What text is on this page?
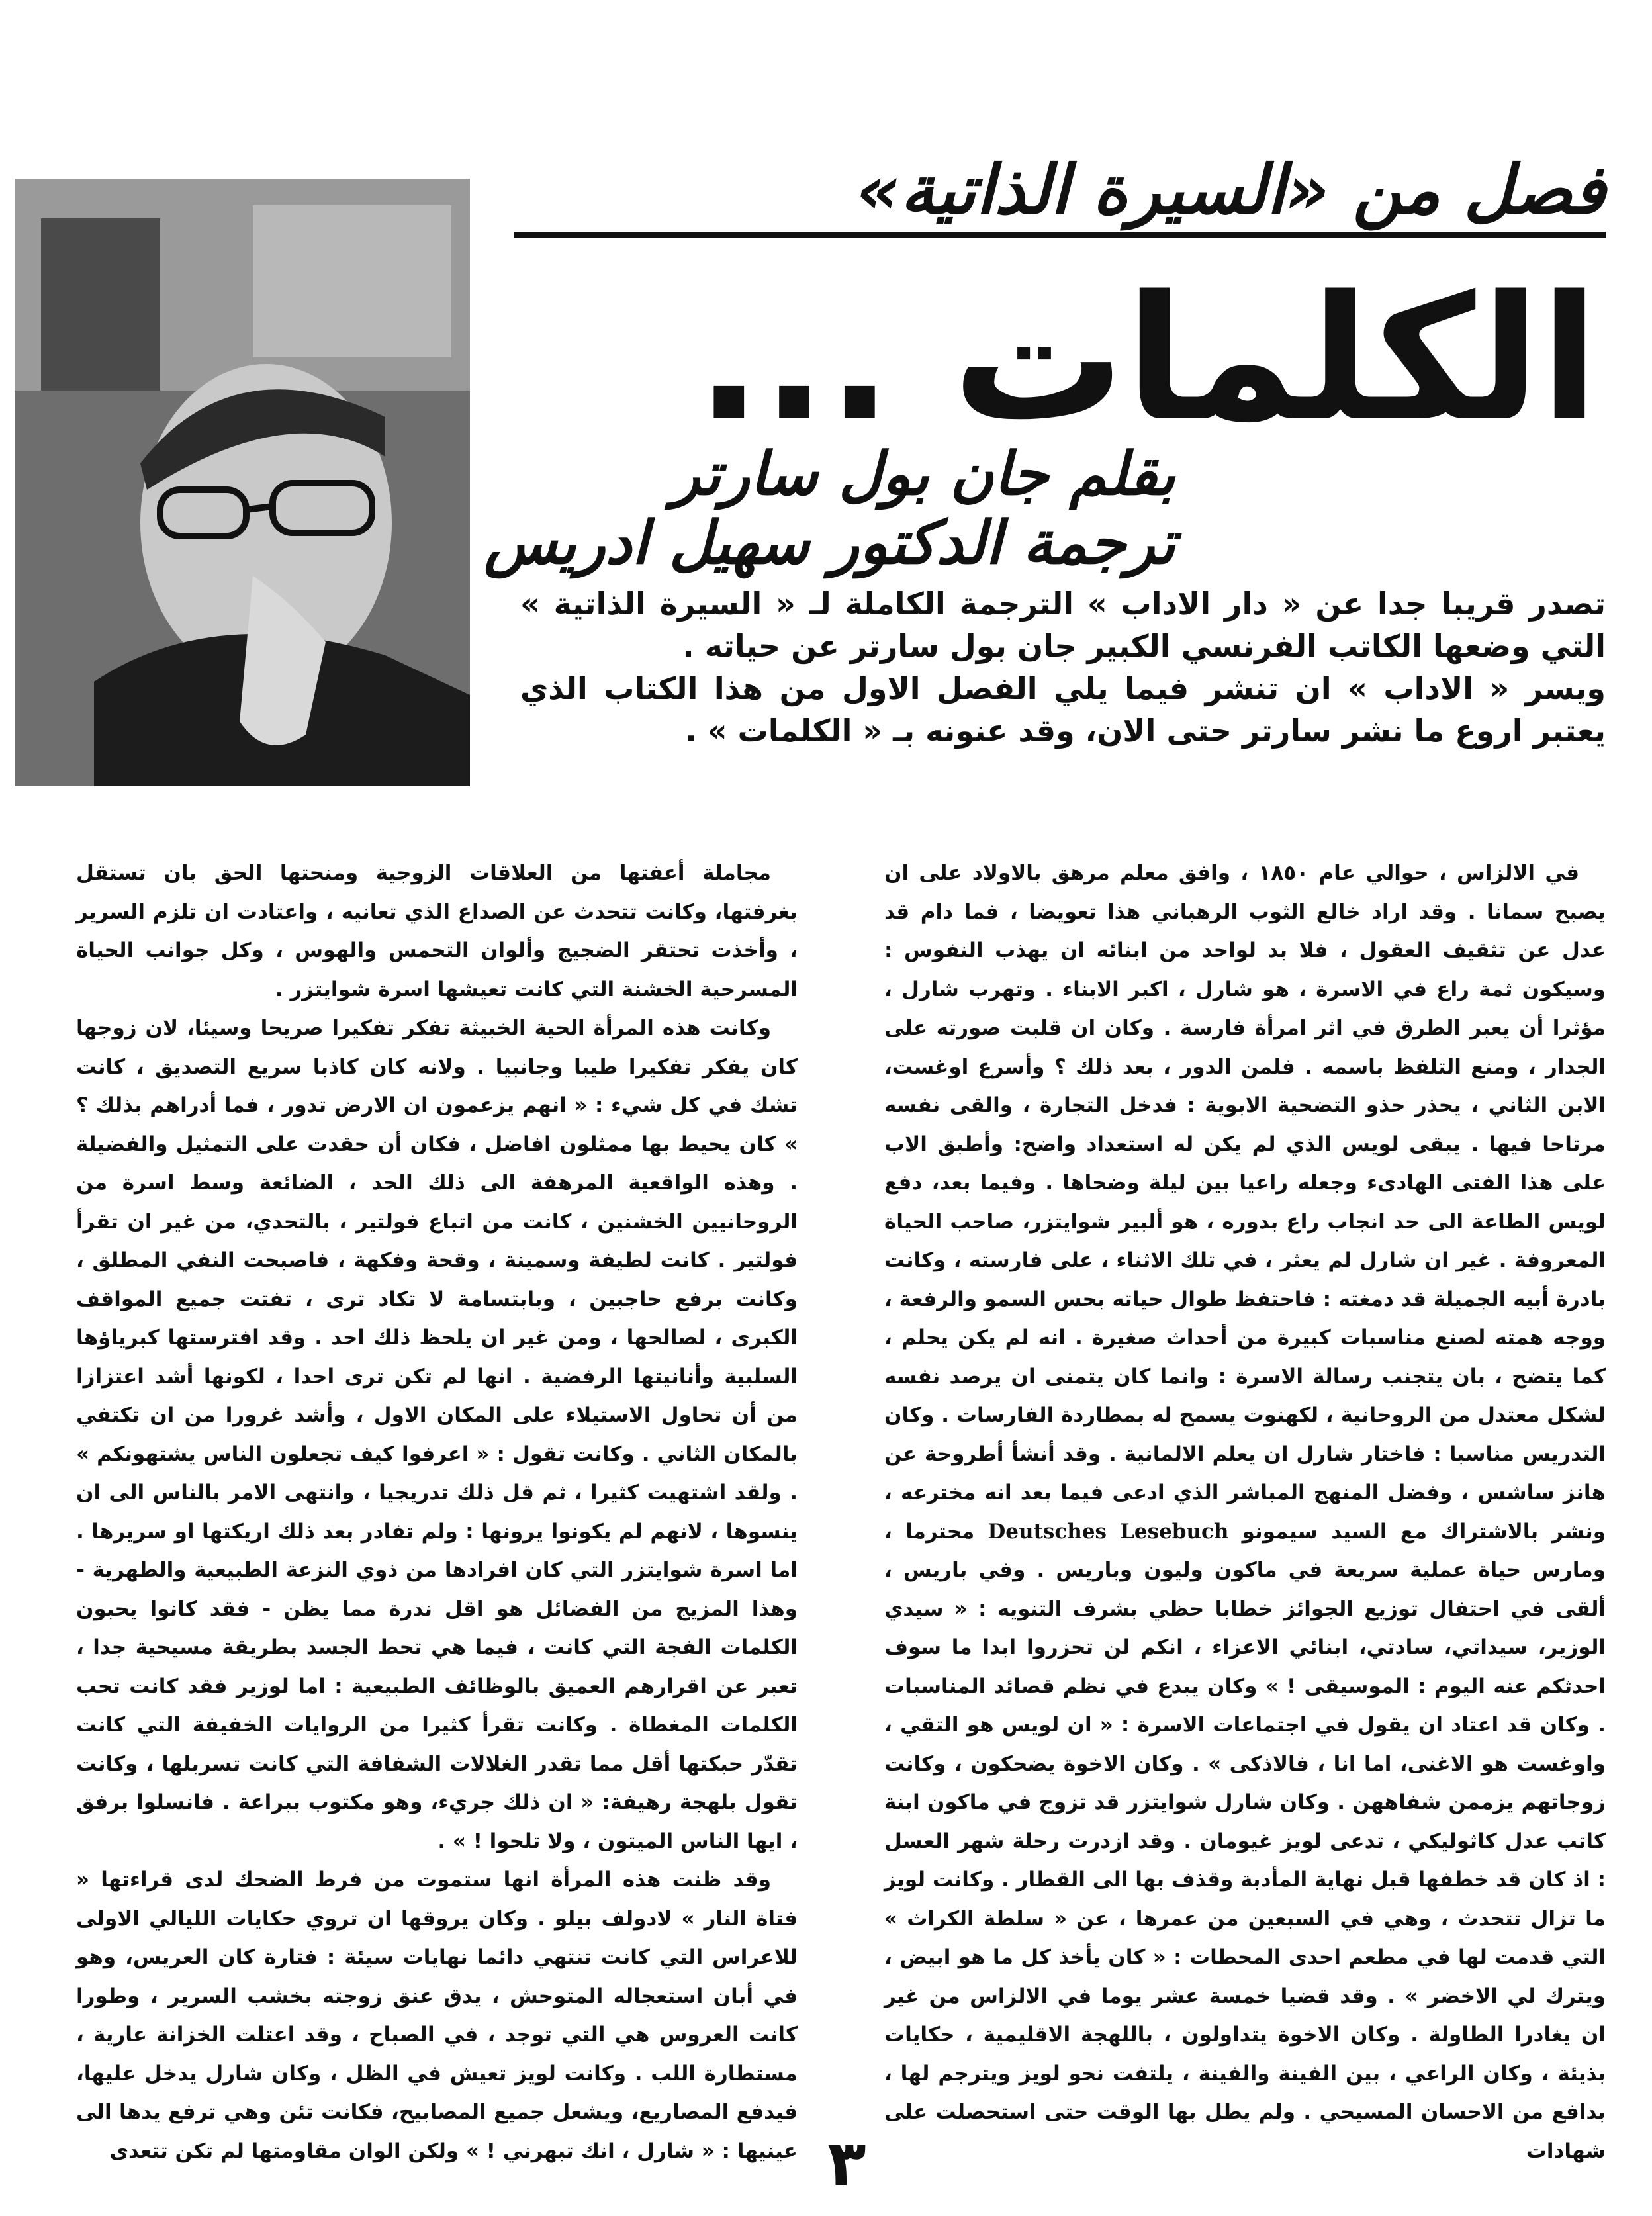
فصل من «السيرة الذاتية»
الكلمات ...
بقلم جان بول سارتر
ترجمة الدكتور سهيل ادريس

تصدر قريبا جدا عن « دار الاداب » الترجمة الكاملة لـ « السيرة الذاتية » التي وضعها الكاتب الفرنسي الكبير جان بول سارتر عن حياته .

ويسر « الاداب » ان تنشر فيما يلي الفصل الاول من هذا الكتاب الذي يعتبر اروع ما نشر سارتر حتى الان، وقد عنونه بـ « الكلمات » .

في الالزاس ، حوالي عام ١٨٥٠ ، وافق معلم مرهق بالاولاد على ان يصبح سمانا . وقد اراد خالع الثوب الرهباني هذا تعويضا ، فما دام قد عدل عن تثقيف العقول ، فلا بد لواحد من ابنائه ان يهذب النفوس : وسيكون ثمة راع في الاسرة ، هو شارل ، اكبر الابناء . وتهرب شارل ، مؤثرا أن يعبر الطرق في اثر امرأة فارسة . وكان ان قلبت صورته على الجدار ، ومنع التلفظ باسمه . فلمن الدور ، بعد ذلك ؟ وأسرع اوغست، الابن الثاني ، يحذر حذو التضحية الابوية : فدخل التجارة ، والقى نفسه مرتاحا فيها . يبقى لويس الذي لم يكن له استعداد واضح: وأطبق الاب على هذا الفتى الهادىء وجعله راعيا بين ليلة وضحاها . وفيما بعد، دفع لويس الطاعة الى حد انجاب راع بدوره ، هو ألبير شوايتزر، صاحب الحياة المعروفة . غير ان شارل لم يعثر ، في تلك الاثناء ، على فارسته ، وكانت بادرة أبيه الجميلة قد دمغته : فاحتفظ طوال حياته بحس السمو والرفعة ، ووجه همته لصنع مناسبات كبيرة من أحداث صغيرة . انه لم يكن يحلم ، كما يتضح ، بان يتجنب رسالة الاسرة : وانما كان يتمنى ان يرصد نفسه لشكل معتدل من الروحانية ، لكهنوت يسمح له بمطاردة الفارسات . وكان التدريس مناسبا : فاختار شارل ان يعلم الالمانية . وقد أنشأ أطروحة عن هانز ساشس ، وفضل المنهج المباشر الذي ادعى فيما بعد انه مخترعه ، ونشر بالاشتراك مع السيد سيمونو Deutsches Lesebuch محترما ، ومارس حياة عملية سريعة في ماكون وليون وباريس . وفي باريس ، ألقى في احتفال توزيع الجوائز خطابا حظي بشرف التنويه : « سيدي الوزير، سيداتي، سادتي، ابنائي الاعزاء ، انكم لن تحزروا ابدا ما سوف احدثكم عنه اليوم : الموسيقى ! » وكان يبدع في نظم قصائد المناسبات . وكان قد اعتاد ان يقول في اجتماعات الاسرة : « ان لويس هو التقي ، واوغست هو الاغنى، اما انا ، فالاذكى » . وكان الاخوة يضحكون ، وكانت زوجاتهم يزممن شفاههن . وكان شارل شوايتزر قد تزوج في ماكون ابنة كاتب عدل كاثوليكي ، تدعى لويز غيومان . وقد ازدرت رحلة شهر العسل : اذ كان قد خطفها قبل نهاية المأدبة وقذف بها الى القطار . وكانت لويز ما تزال تتحدث ، وهي في السبعين من عمرها ، عن « سلطة الكراث » التي قدمت لها في مطعم احدى المحطات : « كان يأخذ كل ما هو ابيض ، ويترك لي الاخضر » . وقد قضيا خمسة عشر يوما في الالزاس من غير ان يغادرا الطاولة . وكان الاخوة يتداولون ، باللهجة الاقليمية ، حكايات بذيئة ، وكان الراعي ، بين الفينة والفينة ، يلتفت نحو لويز ويترجم لها ، بدافع من الاحسان المسيحي . ولم يطل بها الوقت حتى استحصلت على شهادات

مجاملة أعفتها من العلاقات الزوجية ومنحتها الحق بان تستقل بغرفتها، وكانت تتحدث عن الصداع الذي تعانيه ، واعتادت ان تلزم السرير ، وأخذت تحتقر الضجيج وألوان التحمس والهوس ، وكل جوانب الحياة المسرحية الخشنة التي كانت تعيشها اسرة شوايتزر .

وكانت هذه المرأة الحية الخبيثة تفكر تفكيرا صريحا وسيئا، لان زوجها كان يفكر تفكيرا طيبا وجانبيا . ولانه كان كاذبا سريع التصديق ، كانت تشك في كل شيء : « انهم يزعمون ان الارض تدور ، فما أدراهم بذلك ؟ » كان يحيط بها ممثلون افاضل ، فكان أن حقدت على التمثيل والفضيلة . وهذه الواقعية المرهفة الى ذلك الحد ، الضائعة وسط اسرة من الروحانيين الخشنين ، كانت من اتباع فولتير ، بالتحدي، من غير ان تقرأ فولتير . كانت لطيفة وسمينة ، وقحة وفكهة ، فاصبحت النفي المطلق ، وكانت برفع حاجبين ، وبابتسامة لا تكاد ترى ، تفتت جميع المواقف الكبرى ، لصالحها ، ومن غير ان يلحظ ذلك احد . وقد افترستها كبرياؤها السلبية وأنانيتها الرفضية . انها لم تكن ترى احدا ، لكونها أشد اعتزازا من أن تحاول الاستيلاء على المكان الاول ، وأشد غرورا من ان تكتفي بالمكان الثاني . وكانت تقول : « اعرفوا كيف تجعلون الناس يشتهونكم » . ولقد اشتهيت كثيرا ، ثم قل ذلك تدريجيا ، وانتهى الامر بالناس الى ان ينسوها ، لانهم لم يكونوا يرونها : ولم تفادر بعد ذلك اريكتها او سريرها . اما اسرة شوايتزر التي كان افرادها من ذوي النزعة الطبيعية والطهرية - وهذا المزيج من الفضائل هو اقل ندرة مما يظن - فقد كانوا يحبون الكلمات الفجة التي كانت ، فيما هي تحط الجسد بطريقة مسيحية جدا ، تعبر عن اقرارهم العميق بالوظائف الطبيعية : اما لوزير فقد كانت تحب الكلمات المغطاة . وكانت تقرأ كثيرا من الروايات الخفيفة التي كانت تقدّر حبكتها أقل مما تقدر الغلالات الشفافة التي كانت تسربلها ، وكانت تقول بلهجة رهيفة: « ان ذلك جريء، وهو مكتوب ببراعة . فانسلوا برفق ، ايها الناس الميتون ، ولا تلحوا ! » .

وقد ظنت هذه المرأة انها ستموت من فرط الضحك لدى قراءتها « فتاة النار » لادولف بيلو . وكان يروقها ان تروي حكايات الليالي الاولى للاعراس التي كانت تنتهي دائما نهايات سيئة : فتارة كان العريس، وهو في أبان استعجاله المتوحش ، يدق عنق زوجته بخشب السرير ، وطورا كانت العروس هي التي توجد ، في الصباح ، وقد اعتلت الخزانة عارية ، مستطارة اللب . وكانت لويز تعيش في الظل ، وكان شارل يدخل عليها، فيدفع المصاريع، ويشعل جميع المصابيح، فكانت تئن وهي ترفع يدها الى عينيها : « شارل ، انك تبهرني ! » ولكن الوان مقاومتها لم تكن تتعدى ٣
